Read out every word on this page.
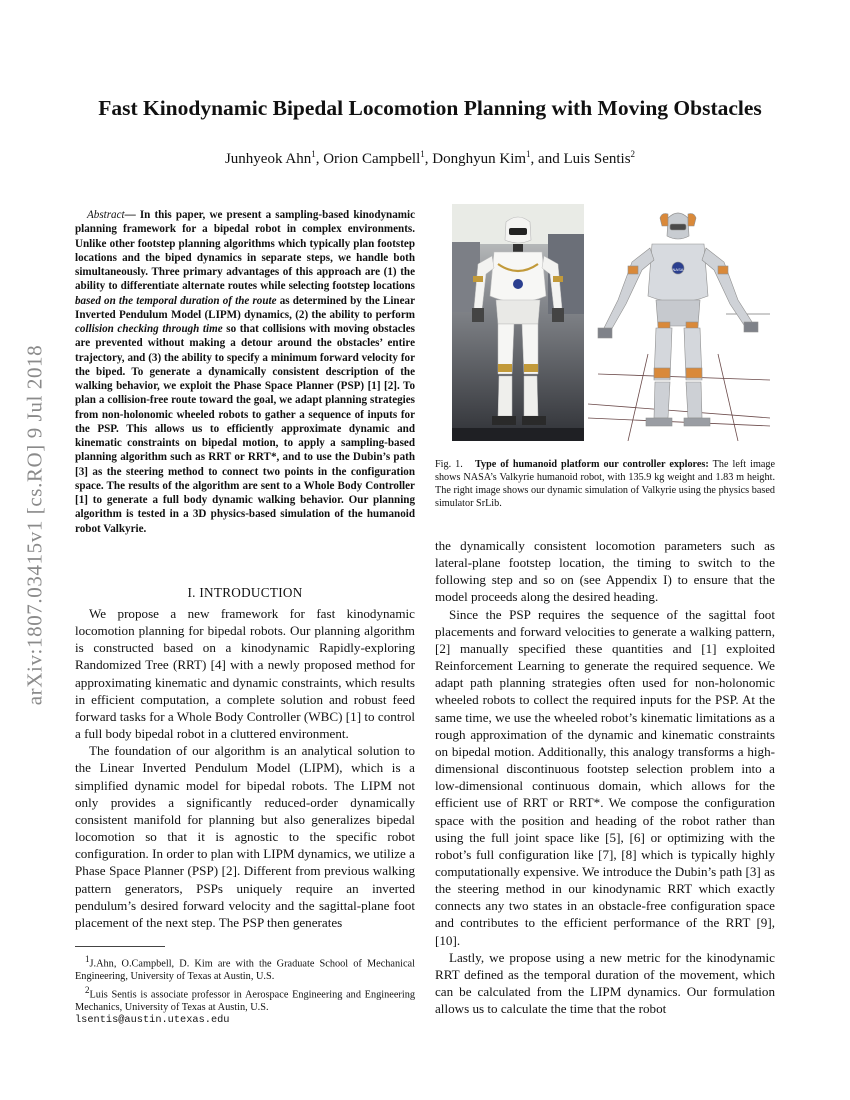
arXiv:1807.03415v1 [cs.RO] 9 Jul 2018
Fast Kinodynamic Bipedal Locomotion Planning with Moving Obstacles
Junhyeok Ahn$^1$, Orion Campbell$^1$, Donghyun Kim$^1$, and Luis Sentis$^2$

Abstract— In this paper, we present a sampling-based kinodynamic planning framework for a bipedal robot in complex environments. Unlike other footstep planning algorithms which typically plan footstep locations and the biped dynamics in separate steps, we handle both simultaneously. Three primary advantages of this approach are (1) the ability to differentiate alternate routes while selecting footstep locations based on the temporal duration of the route as determined by the Linear Inverted Pendulum Model (LIPM) dynamics, (2) the ability to perform collision checking through time so that collisions with moving obstacles are prevented without making a detour around the obstacles’ entire trajectory, and (3) the ability to specify a minimum forward velocity for the biped. To generate a dynamically consistent description of the walking behavior, we exploit the Phase Space Planner (PSP) [1] [2]. To plan a collision-free route toward the goal, we adapt planning strategies from non-holonomic wheeled robots to gather a sequence of inputs for the PSP. This allows us to efficiently approximate dynamic and kinematic constraints on bipedal motion, to apply a sampling-based planning algorithm such as RRT or RRT*, and to use the Dubin’s path [3] as the steering method to connect two points in the configuration space. The results of the algorithm are sent to a Whole Body Controller [1] to generate a full body dynamic walking behavior. Our planning algorithm is tested in a 3D physics-based simulation of the humanoid robot Valkyrie.

I. INTRODUCTION

We propose a new framework for fast kinodynamic locomotion planning for bipedal robots. Our planning algorithm is constructed based on a kinodynamic Rapidly-exploring Randomized Tree (RRT) [4] with a newly proposed method for approximating kinematic and dynamic constraints, which results in efficient computation, a complete solution and robust feed forward tasks for a Whole Body Controller (WBC) [1] to control a full body bipedal robot in a cluttered environment.

The foundation of our algorithm is an analytical solution to the Linear Inverted Pendulum Model (LIPM), which is a simplified dynamic model for bipedal robots. The LIPM not only provides a significantly reduced-order dynamically consistent manifold for planning but also generalizes bipedal locomotion so that it is agnostic to the specific robot configuration. In order to plan with LIPM dynamics, we utilize a Phase Space Planner (PSP) [2]. Different from previous walking pattern generators, PSPs uniquely require an inverted pendulum’s desired forward velocity and the sagittal-plane foot placement of the next step. The PSP then generates

$^1$J.Ahn, O.Campbell, D. Kim are with the Graduate School of Mechanical Engineering, University of Texas at Austin, U.S.

$^2$Luis Sentis is associate professor in Aerospace Engineering and Engineering Mechanics, University of Texas at Austin, U.S.
lsentis@austin.utexas.edu

NASA

Fig. 1. Type of humanoid platform our controller explores: The left image shows NASA’s Valkyrie humanoid robot, with 135.9 kg weight and 1.83 m height. The right image shows our dynamic simulation of Valkyrie using the physics based simulator SrLib.

the dynamically consistent locomotion parameters such as lateral-plane footstep location, the timing to switch to the following step and so on (see Appendix I) to ensure that the model proceeds along the desired heading.

Since the PSP requires the sequence of the sagittal foot placements and forward velocities to generate a walking pattern, [2] manually specified these quantities and [1] exploited Reinforcement Learning to generate the required sequence. We adapt path planning strategies often used for non-holonomic wheeled robots to collect the required inputs for the PSP. At the same time, we use the wheeled robot’s kinematic limitations as a rough approximation of the dynamic and kinematic constraints on bipedal motion. Additionally, this analogy transforms a high-dimensional discontinuous footstep selection problem into a low-dimensional continuous domain, which allows for the efficient use of RRT or RRT*. We compose the configuration space with the position and heading of the robot rather than using the full joint space like [5], [6] or optimizing with the robot’s full configuration like [7], [8] which is typically highly computationally expensive. We introduce the Dubin’s path [3] as the steering method in our kinodynamic RRT which exactly connects any two states in an obstacle-free configuration space and contributes to the efficient performance of the RRT [9], [10].

Lastly, we propose using a new metric for the kinodynamic RRT defined as the temporal duration of the movement, which can be calculated from the LIPM dynamics. Our formulation allows us to calculate the time that the robot
